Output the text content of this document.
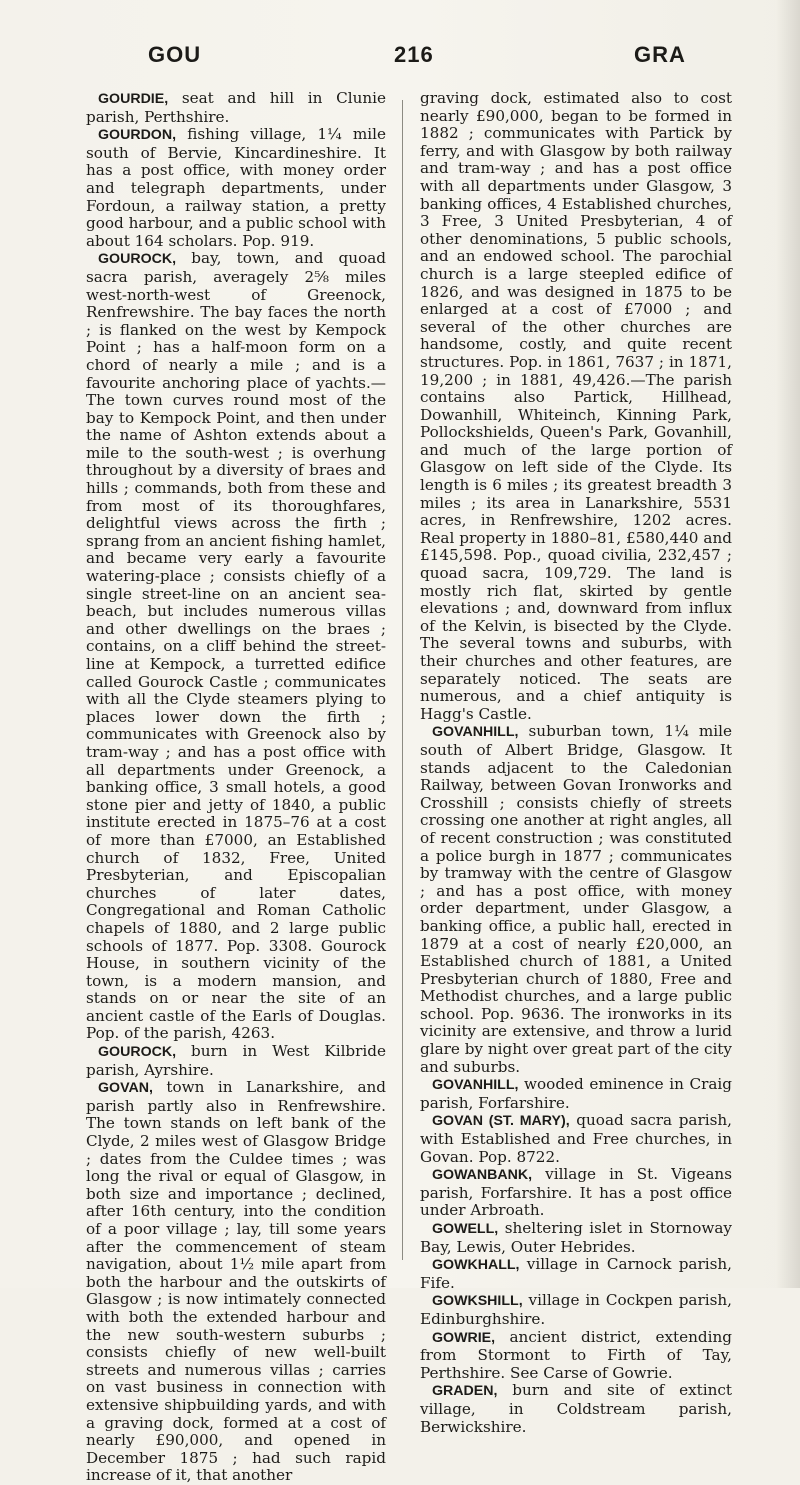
GOU	216	GRA

GOURDIE, seat and hill in Clunie parish, Perthshire.

GOURDON, fishing village, 1¼ mile south of Bervie, Kincardineshire. It has a post office, with money order and telegraph departments, under Fordoun, a railway station, a pretty good harbour, and a public school with about 164 scholars. Pop. 919.

GOUROCK, bay, town, and quoad sacra parish, averagely 2⅝ miles west-north-west of Greenock, Renfrewshire. The bay faces the north ; is flanked on the west by Kempock Point ; has a half-moon form on a chord of nearly a mile ; and is a favourite anchoring place of yachts.—The town curves round most of the bay to Kempock Point, and then under the name of Ashton extends about a mile to the south-west ; is overhung throughout by a diversity of braes and hills ; commands, both from these and from most of its thoroughfares, delightful views across the firth ; sprang from an ancient fishing hamlet, and became very early a favourite watering-place ; consists chiefly of a single street-line on an ancient sea-beach, but includes numerous villas and other dwellings on the braes ; contains, on a cliff behind the street-line at Kempock, a turretted edifice called Gourock Castle ; communicates with all the Clyde steamers plying to places lower down the firth ; communicates with Greenock also by tram-way ; and has a post office with all departments under Greenock, a banking office, 3 small hotels, a good stone pier and jetty of 1840, a public institute erected in 1875–76 at a cost of more than £7000, an Established church of 1832, Free, United Presbyterian, and Episcopalian churches of later dates, Congregational and Roman Catholic chapels of 1880, and 2 large public schools of 1877. Pop. 3308. Gourock House, in southern vicinity of the town, is a modern mansion, and stands on or near the site of an ancient castle of the Earls of Douglas. Pop. of the parish, 4263.

GOUROCK, burn in West Kilbride parish, Ayrshire.

GOVAN, town in Lanarkshire, and parish partly also in Renfrewshire. The town stands on left bank of the Clyde, 2 miles west of Glasgow Bridge ; dates from the Culdee times ; was long the rival or equal of Glasgow, in both size and importance ; declined, after 16th century, into the condition of a poor village ; lay, till some years after the commencement of steam navigation, about 1½ mile apart from both the harbour and the outskirts of Glasgow ; is now intimately connected with both the extended harbour and the new south-western suburbs ; consists chiefly of new well-built streets and numerous villas ; carries on vast business in connection with extensive shipbuilding yards, and with a graving dock, formed at a cost of nearly £90,000, and opened in December 1875 ; had such rapid increase of it, that another

graving dock, estimated also to cost nearly £90,000, began to be formed in 1882 ; communicates with Partick by ferry, and with Glasgow by both railway and tram-way ; and has a post office with all departments under Glasgow, 3 banking offices, 4 Established churches, 3 Free, 3 United Presbyterian, 4 of other denominations, 5 public schools, and an endowed school. The parochial church is a large steepled edifice of 1826, and was designed in 1875 to be enlarged at a cost of £7000 ; and several of the other churches are handsome, costly, and quite recent structures. Pop. in 1861, 7637 ; in 1871, 19,200 ; in 1881, 49,426.—The parish contains also Partick, Hillhead, Dowanhill, Whiteinch, Kinning Park, Pollockshields, Queen's Park, Govanhill, and much of the large portion of Glasgow on left side of the Clyde. Its length is 6 miles ; its greatest breadth 3 miles ; its area in Lanarkshire, 5531 acres, in Renfrewshire, 1202 acres. Real property in 1880–81, £580,440 and £145,598. Pop., quoad civilia, 232,457 ; quoad sacra, 109,729. The land is mostly rich flat, skirted by gentle elevations ; and, downward from influx of the Kelvin, is bisected by the Clyde. The several towns and suburbs, with their churches and other features, are separately noticed. The seats are numerous, and a chief antiquity is Hagg's Castle.

GOVANHILL, suburban town, 1¼ mile south of Albert Bridge, Glasgow. It stands adjacent to the Caledonian Railway, between Govan Ironworks and Crosshill ; consists chiefly of streets crossing one another at right angles, all of recent construction ; was constituted a police burgh in 1877 ; communicates by tramway with the centre of Glasgow ; and has a post office, with money order department, under Glasgow, a banking office, a public hall, erected in 1879 at a cost of nearly £20,000, an Established church of 1881, a United Presbyterian church of 1880, Free and Methodist churches, and a large public school. Pop. 9636. The ironworks in its vicinity are extensive, and throw a lurid glare by night over great part of the city and suburbs.

GOVANHILL, wooded eminence in Craig parish, Forfarshire.

GOVAN (ST. MARY), quoad sacra parish, with Established and Free churches, in Govan. Pop. 8722.

GOWANBANK, village in St. Vigeans parish, Forfarshire. It has a post office under Arbroath.

GOWELL, sheltering islet in Stornoway Bay, Lewis, Outer Hebrides.

GOWKHALL, village in Carnock parish, Fife.

GOWKSHILL, village in Cockpen parish, Edinburghshire.

GOWRIE, ancient district, extending from Stormont to Firth of Tay, Perthshire. See Carse of Gowrie.

GRADEN, burn and site of extinct village, in Coldstream parish, Berwickshire.
